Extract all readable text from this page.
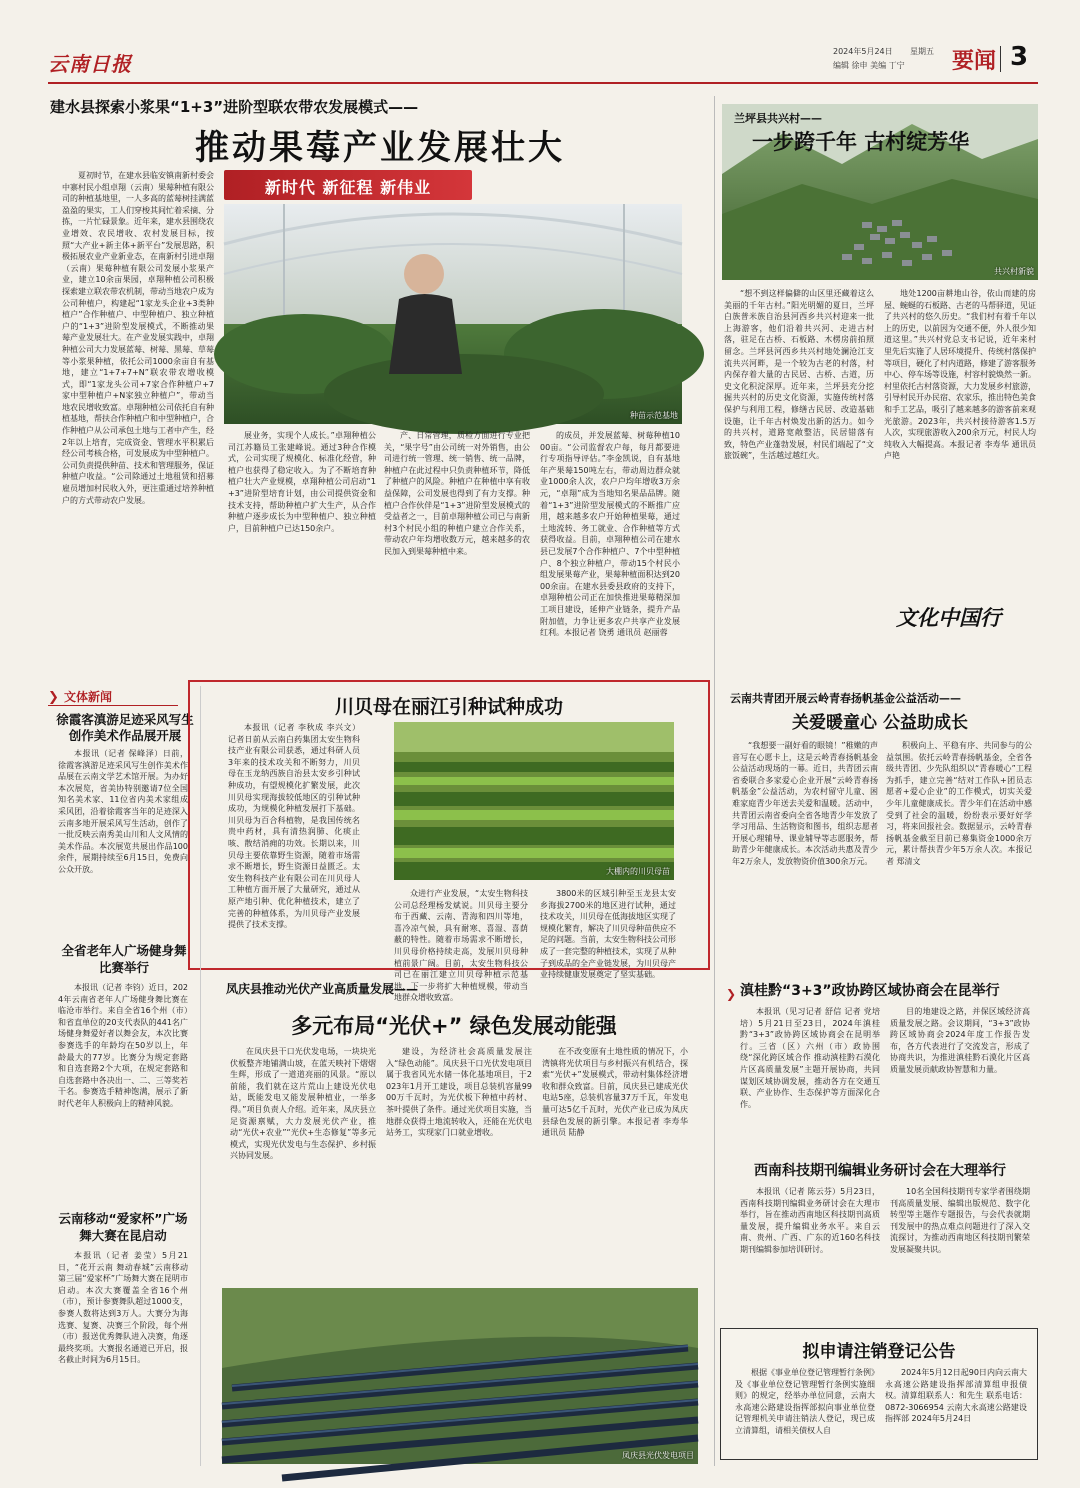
云南日报
2024年5月24日 星期五
编辑 徐申 美编 丁宁 要闻 3
建水县探索小浆果“1+3”进阶型联农带农发展模式——
推动果莓产业发展壮大

夏初时节，在建水县临安镇南新村委会中寨村民小组卓翔（云南）果莓种植有限公司的种植基地里，一人多高的蓝莓树挂满蓝盈盈的果实，工人们穿梭其间忙着采摘、分拣，一片忙碌景象。近年来，建水县围绕农业增效、农民增收、农村发展目标，按照“大产业+新主体+新平台”发展思路，积极拓展农业产业新业态，在南新村引进卓翔（云南）果莓种植有限公司发展小浆果产业，建立10余亩果园，卓翔种植公司积极探索建立联农带农机制，带动当地农户成为公司种植户，构建起“1家龙头企业+3类种植户”合作种植户、中型种植户、独立种植户的“1+3”进阶型发展模式，不断推动果莓产业发展壮大。在产业发展实践中，卓翔种植公司大力发展蓝莓、树莓、黑莓、草莓等小浆果种植，依托公司1000余亩自有基地，建立“1+7+7+N”联农带农增收模式，即“1家龙头公司+7家合作种植户+7家中型种植户+N家独立种植户”，带动当地农民增收致富。卓翔种植公司依托自有种植基地，帮扶合作种植户和中型种植户，合作种植户从公司承包土地与工者中产生，经2年以上培育，完成资金、管理水平积累后经公司考核合格，可发展成为中型种植户。公司负责提供种苗、技术和管理服务，保证种植户收益。“公司除通过土地租赁和招募雇员增加村民收入外，更注重通过培养种植户的方式带动农户发展。

新时代 新征程 新伟业
种苗示范基地

展业务，实现个人成长。”卓翔种植公司江苏籍员工张建峰说。通过3种合作模式，公司实现了规模化、标准化经营，种植户也获得了稳定收入。为了不断培育种植户壮大产业规模，卓翔种植公司启动“1+3”进阶型培育计划，由公司提供资金和技术支持，帮助种植户扩大生产，从合作种植户逐步成长为中型种植户、独立种植户，目前种植户已达150余户。

产、日常管理，质检方面进行专业把关，“果字号”由公司统一对外销售，由公司进行统一管理、统一销售、统一品牌，种植户在此过程中只负责种植环节，降低了种植户的风险。种植户在种植中享有收益保障，公司发展也得到了有力支撑。种植户合作伙伴是“1+3”进阶型发展模式的受益者之一，目前卓翔种植公司已与南新村3个村民小组的种植户建立合作关系，带动农户年均增收数万元，越来越多的农民加入到果莓种植中来。

的成员，并发展蓝莓、树莓种植1000亩。“公司监督农户每，每月都要进行专项指导评估。”李金凯说，自有基地年产果莓150吨左右，带动周边群众就业1000余人次，农户户均年增收3万余元，“卓翔”成为当地知名果品品牌。随着“1+3”进阶型发展模式的不断推广应用，越来越多农户开始种植果莓，通过土地流转、务工就业、合作种植等方式获得收益。目前，卓翔种植公司在建水县已发展7个合作种植户、7个中型种植户、8个独立种植户，带动15个村民小组发展果莓产业，果莓种植面积达到2000余亩。在建水县委县政府的支持下，卓翔种植公司正在加快推进果莓精深加工项目建设，延伸产业链条，提升产品附加值，力争让更多农户共享产业发展红利。本报记者 饶勇 通讯员 赵丽蓉

兰坪县共兴村——
一步跨千年 古村绽芳华
共兴村新貌

“想不到这样偏僻的山区里还藏着这么美丽的千年古村。”阳光明媚的夏日，兰坪白族普米族自治县河西乡共兴村迎来一批上海游客，他们沿着共兴河、走进古村落，驻足在古桥、石板路、木楞房前拍照留念。兰坪县河西乡共兴村地处澜沧江支流共兴河畔，是一个较为古老的村落，村内保存着大量的古民居、古桥、古道，历史文化积淀深厚。近年来，兰坪县充分挖掘共兴村的历史文化资源，实施传统村落保护与利用工程，修缮古民居、改造基础设施，让千年古村焕发出新的活力。如今的共兴村，道路宽敞整洁，民居错落有致，特色产业蓬勃发展，村民们端起了“文旅饭碗”，生活越过越红火。

地处1200亩耕地山谷，依山而建的房屋、蜿蜒的石板路、古老的马帮驿道，见证了共兴村的悠久历史。“我们村有着千年以上的历史，以前因为交通不便，外人很少知道这里。”共兴村党总支书记说，近年来村里先后实施了人居环境提升、传统村落保护等项目，硬化了村内道路，修建了游客服务中心、停车场等设施，村容村貌焕然一新。村里依托古村落资源，大力发展乡村旅游，引导村民开办民宿、农家乐，推出特色美食和手工艺品，吸引了越来越多的游客前来观光旅游。2023年，共兴村接待游客1.5万人次，实现旅游收入200余万元，村民人均纯收入大幅提高。本报记者 李寿华 通讯员 卢艳

文化中国行
❯ 文体新闻
徐霞客滇游足迹采风写生创作美术作品展开展

本报讯（记者 保峰泽）日前，徐霞客滇游足迹采风写生创作美术作品展在云南文学艺术馆开展。为办好本次展览，省美协特别邀请7位全国知名美术家、11位省内美术家组成采风团，沿着徐霞客当年的足迹深入云南多地开展采风写生活动，创作了一批反映云南秀美山川和人文风情的美术作品。本次展览共展出作品100余件，展期持续至6月15日，免费向公众开放。

全省老年人广场健身舞比赛举行

本报讯（记者 李钧）近日，2024年云南省老年人广场健身舞比赛在临沧市举行。来自全省16个州（市）和省直单位的20支代表队的441名广场健身舞爱好者以舞会友，本次比赛参赛选手的年龄均在50岁以上，年龄最大的77岁。比赛分为规定套路和自选套路2个大项，在规定套路和自选套路中各决出一、二、三等奖若干名。参赛选手精神饱满，展示了新时代老年人积极向上的精神风貌。

云南移动“爱家杯”广场舞大赛在昆启动

本报讯（记者 姜莹）5月21日，“花开云南 舞动春城”云南移动第三届“爱家杯”广场舞大赛在昆明市启动。本次大赛覆盖全省16个州（市），预计参赛舞队超过1000支，参赛人数将达到3万人。大赛分为海选赛、复赛、决赛三个阶段，每个州（市）报送优秀舞队进入决赛，角逐最终奖项。大赛报名通道已开启，报名截止时间为6月15日。

川贝母在丽江引种试种成功

本报讯（记者 李秋成 李兴文）记者日前从云南白药集团太安生物科技产业有限公司获悉，通过科研人员3年来的技术攻关和不断努力，川贝母在玉龙纳西族自治县太安乡引种试种成功，有望规模化扩繁发展，此次川贝母实现海拔较低地区的引种试种成功，为规模化种植发展打下基础。川贝母为百合科植物，是我国传统名贵中药材，具有清热润肺、化痰止咳、散结消痈的功效。长期以来，川贝母主要依靠野生资源，随着市场需求不断增长，野生资源日益匮乏。太安生物科技产业有限公司在川贝母人工种植方面开展了大量研究，通过从原产地引种、优化种植技术，建立了完善的种植体系，为川贝母产业发展提供了技术支撑。

大棚内的川贝母苗

众进行产业发展，“太安生物科技公司总经理杨发斌说。川贝母主要分布于西藏、云南、青海和四川等地，喜冷凉气候，具有耐寒、喜湿、喜荫蔽的特性。随着市场需求不断增长，川贝母价格持续走高，发展川贝母种植前景广阔。目前，太安生物科技公司已在丽江建立川贝母种植示范基地，下一步将扩大种植规模，带动当地群众增收致富。

3800米的区域引种至玉龙县太安乡海拔2700米的地区进行试种，通过技术攻关，川贝母在低海拔地区实现了规模化繁育，解决了川贝母种苗供应不足的问题。当前，太安生物科技公司形成了一套完整的种植技术，实现了从种子到成品的全产业链发展，为川贝母产业持续健康发展奠定了坚实基础。

云南共青团开展云岭青春扬帆基金公益活动——
关爱暖童心 公益助成长

“我想要一副好看的眼镜！”稚嫩的声音写在心愿卡上，这是云岭青春扬帆基金公益活动现场的一幕。近日，共青团云南省委联合多家爱心企业开展“云岭青春扬帆基金”公益活动，为农村留守儿童、困难家庭青少年送去关爱和温暖。活动中，共青团云南省委向全省各地青少年发放了学习用品、生活物资和图书，组织志愿者开展心理辅导、课业辅导等志愿服务，帮助青少年健康成长。本次活动共惠及青少年2万余人，发放物资价值300余万元。

积极向上、平稳有序、共同参与的公益氛围。依托云岭青春扬帆基金，全省各级共青团、少先队组织以“青春暖心”工程为抓手，建立完善“结对工作队+团员志愿者+爱心企业”的工作模式，切实关爱少年儿童健康成长。青少年们在活动中感受到了社会的温暖，纷纷表示要好好学习，将来回报社会。数据显示，云岭青春扬帆基金截至目前已募集资金1000余万元，累计帮扶青少年5万余人次。本报记者 郑清文

凤庆县推动光伏产业高质量发展——
多元布局“光伏+” 绿色发展动能强

在凤庆县干口光伏发电场，一块块光伏板整齐地铺满山坡，在蓝天映衬下熠熠生辉，形成了一道道亮丽的风景。“原以前能，我们就在这片荒山上建设光伏电站，既能发电又能发展种植业，一举多得。”项目负责人介绍。近年来，凤庆县立足资源禀赋，大力发展光伏产业，推动“光伏+农业”“光伏+生态修复”等多元模式，实现光伏发电与生态保护、乡村振兴协同发展。

建设，为经济社会高质量发展注入“绿色动能”。凤庆县干口光伏发电项目属于我省风光水储一体化基地项目，于2023年1月开工建设，项目总装机容量9900万千瓦时，为光伏板下种植中药材、茶叶提供了条件。通过光伏项目实施，当地群众获得土地流转收入，还能在光伏电站务工，实现家门口就业增收。

在不改变原有土地性质的情况下，小湾镇将光伏项目与乡村振兴有机结合，探索“光伏+”发展模式，带动村集体经济增收和群众致富。目前，凤庆县已建成光伏电站5座，总装机容量37万千瓦，年发电量可达5亿千瓦时，光伏产业已成为凤庆县绿色发展的新引擎。本报记者 李寿华 通讯员 陆静

凤庆县光伏发电项目
❯ 滇桂黔“3+3”政协跨区域协商会在昆举行

本报讯（见习记者 舒信 记者 党培培）5月21日至23日，2024年滇桂黔“3+3”政协跨区域协商会在昆明举行。三省（区）六州（市）政协围绕“深化跨区域合作 推动滇桂黔石漠化片区高质量发展”主题开展协商，共同谋划区域协调发展，推动各方在交通互联、产业协作、生态保护等方面深化合作。

目的地建设之路，并保区域经济高质量发展之路。会议期间，“3+3”政协跨区域协商会2024年度工作报告发布，各方代表进行了交流发言，形成了协商共识，为推进滇桂黔石漠化片区高质量发展贡献政协智慧和力量。

西南科技期刊编辑业务研讨会在大理举行

本报讯（记者 陈云芬）5月23日，西南科技期刊编辑业务研讨会在大理市举行，旨在推动西南地区科技期刊高质量发展，提升编辑业务水平。来自云南、贵州、广西、广东的近160名科技期刊编辑参加培训研讨。

10名全国科技期刊专家学者围绕期刊高质量发展、编辑出版规范、数字化转型等主题作专题报告，与会代表就期刊发展中的热点难点问题进行了深入交流探讨，为推动西南地区科技期刊繁荣发展凝聚共识。

拟申请注销登记公告

根据《事业单位登记管理暂行条例》及《事业单位登记管理暂行条例实施细则》的规定，经举办单位同意，云南大永高速公路建设指挥部拟向事业单位登记管理机关申请注销法人登记，现已成立清算组，请相关债权人自

2024年5月12日起90日内向云南大永高速公路建设指挥部清算组申报债权。清算组联系人：和先生 联系电话：0872-3066954 云南大永高速公路建设指挥部 2024年5月24日
